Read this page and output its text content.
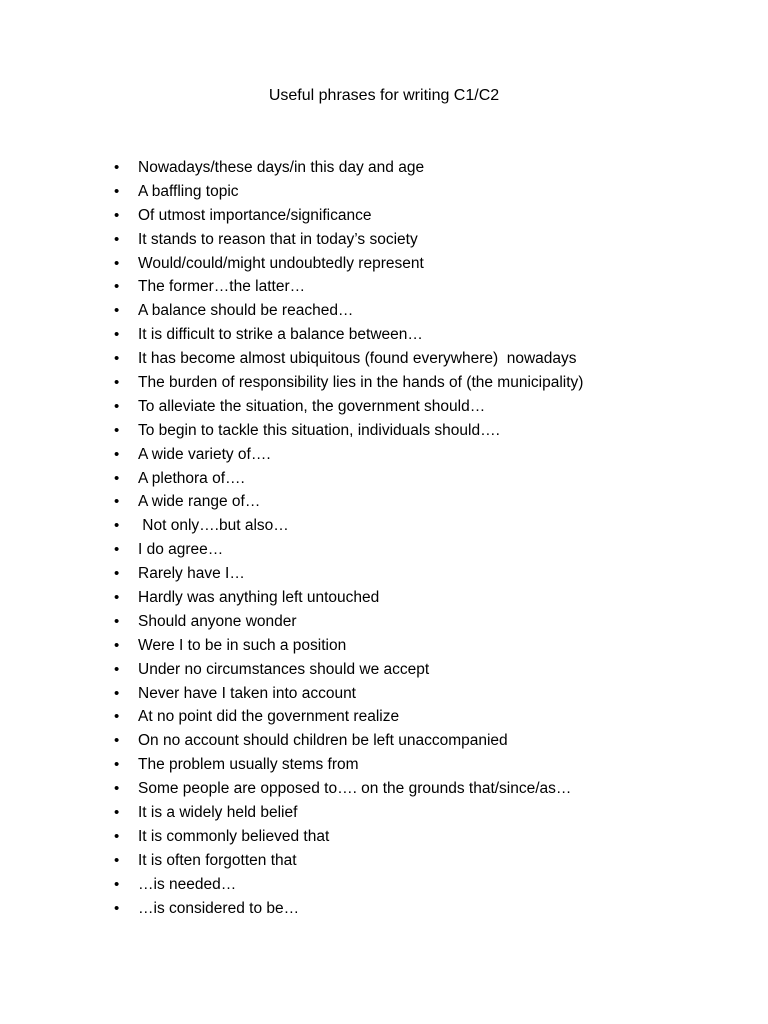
Useful phrases for writing C1/C2
•	Nowadays/these days/in this day and age
•	A baffling topic
•	Of utmost importance/significance
•	It stands to reason that in today’s society
•	Would/could/might undoubtedly represent
•	The former…the latter…
•	A balance should be reached…
•	It is difficult to strike a balance between…
•	It has become almost ubiquitous (found everywhere)  nowadays
•	The burden of responsibility lies in the hands of (the municipality)
•	To alleviate the situation, the government should…
•	To begin to tackle this situation, individuals should….
•	A wide variety of….
•	A plethora of….
•	A wide range of…
•	Not only….but also…
•	I do agree…
•	Rarely have I…
•	Hardly was anything left untouched
•	Should anyone wonder
•	Were I to be in such a position
•	Under no circumstances should we accept
•	Never have I taken into account
•	At no point did the government realize
•	On no account should children be left unaccompanied
•	The problem usually stems from
•	Some people are opposed to…. on the grounds that/since/as…
•	It is a widely held belief
•	It is commonly believed that
•	It is often forgotten that
•	…is needed…
•	…is considered to be…
